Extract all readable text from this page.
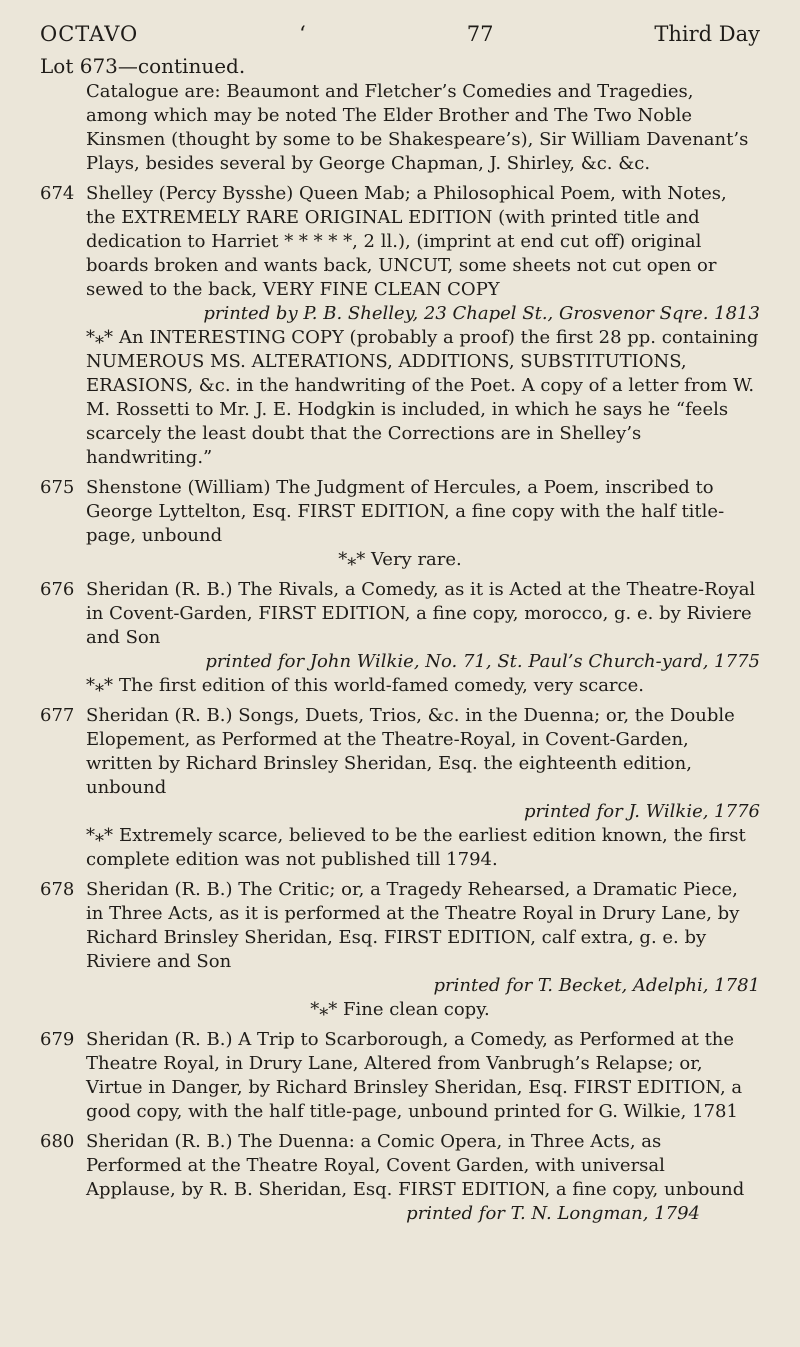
OCTAVO	‘	77	Third Day
Lot 673—continued.
Catalogue are: Beaumont and Fletcher’s Comedies and Tragedies, among which may be noted The Elder Brother and The Two Noble Kinsmen (thought by some to be Shakespeare’s), Sir William Davenant’s Plays, besides several by George Chapman, J. Shirley, &c. &c.
674 Shelley (Percy Bysshe) Queen Mab; a Philosophical Poem, with Notes, the EXTREMELY RARE ORIGINAL EDITION (with printed title and dedication to Harriet * * * * *, 2 ll.), (imprint at end cut off) original boards broken and wants back, UNCUT, some sheets not cut open or sewed to the back, VERY FINE CLEAN COPY
printed by P. B. Shelley, 23 Chapel St., Grosvenor Sqre. 1813
*⁎* An INTERESTING COPY (probably a proof) the first 28 pp. containing NUMEROUS MS. ALTERATIONS, ADDITIONS, SUBSTITUTIONS, ERASIONS, &c. in the handwriting of the Poet. A copy of a letter from W. M. Rossetti to Mr. J. E. Hodgkin is included, in which he says he “feels scarcely the least doubt that the Corrections are in Shelley’s handwriting.”
675 Shenstone (William) The Judgment of Hercules, a Poem, inscribed to George Lyttelton, Esq. FIRST EDITION, a fine copy with the half title-page, unbound
*⁎* Very rare.
676 Sheridan (R. B.) The Rivals, a Comedy, as it is Acted at the Theatre-Royal in Covent-Garden, FIRST EDITION, a fine copy, morocco, g. e. by Riviere and Son
printed for John Wilkie, No. 71, St. Paul’s Church-yard, 1775
*⁎* The first edition of this world-famed comedy, very scarce.
677 Sheridan (R. B.) Songs, Duets, Trios, &c. in the Duenna; or, the Double Elopement, as Performed at the Theatre-Royal, in Covent-Garden, written by Richard Brinsley Sheridan, Esq. the eighteenth edition, unbound
printed for J. Wilkie, 1776
*⁎* Extremely scarce, believed to be the earliest edition known, the first complete edition was not published till 1794.
678 Sheridan (R. B.) The Critic; or, a Tragedy Rehearsed, a Dramatic Piece, in Three Acts, as it is performed at the Theatre Royal in Drury Lane, by Richard Brinsley Sheridan, Esq. FIRST EDITION, calf extra, g. e. by Riviere and Son
printed for T. Becket, Adelphi, 1781
*⁎* Fine clean copy.
679 Sheridan (R. B.) A Trip to Scarborough, a Comedy, as Performed at the Theatre Royal, in Drury Lane, Altered from Vanbrugh’s Relapse; or, Virtue in Danger, by Richard Brinsley Sheridan, Esq. FIRST EDITION, a good copy, with the half title-page, unbound printed for G. Wilkie, 1781
680 Sheridan (R. B.) The Duenna: a Comic Opera, in Three Acts, as Performed at the Theatre Royal, Covent Garden, with universal Applause, by R. B. Sheridan, Esq. FIRST EDITION, a fine copy, unbound
printed for T. N. Longman, 1794
